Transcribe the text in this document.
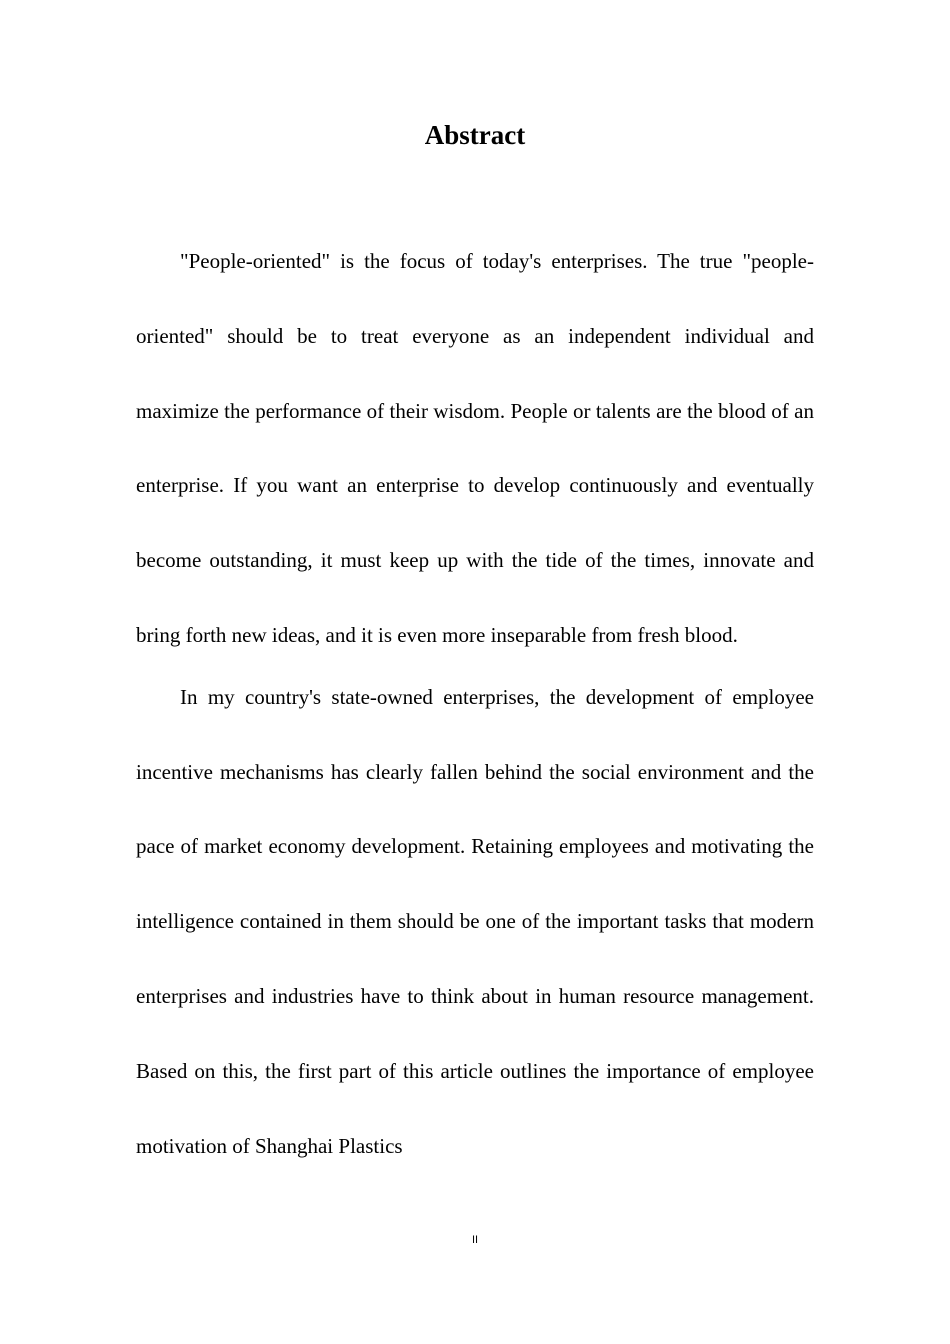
Abstract

"People-oriented" is the focus of today's enterprises. The true "people-oriented" should be to treat everyone as an independent individual and maximize the performance of their wisdom. People or talents are the blood of an enterprise. If you want an enterprise to develop continuously and eventually become outstanding, it must keep up with the tide of the times, innovate and bring forth new ideas, and it is even more inseparable from fresh blood.

In my country's state-owned enterprises, the development of employee incentive mechanisms has clearly fallen behind the social environment and the pace of market economy development. Retaining employees and motivating the intelligence contained in them should be one of the important tasks that modern enterprises and industries have to think about in human resource management. Based on this, the first part of this article outlines the importance of employee motivation of Shanghai Plastics

II
